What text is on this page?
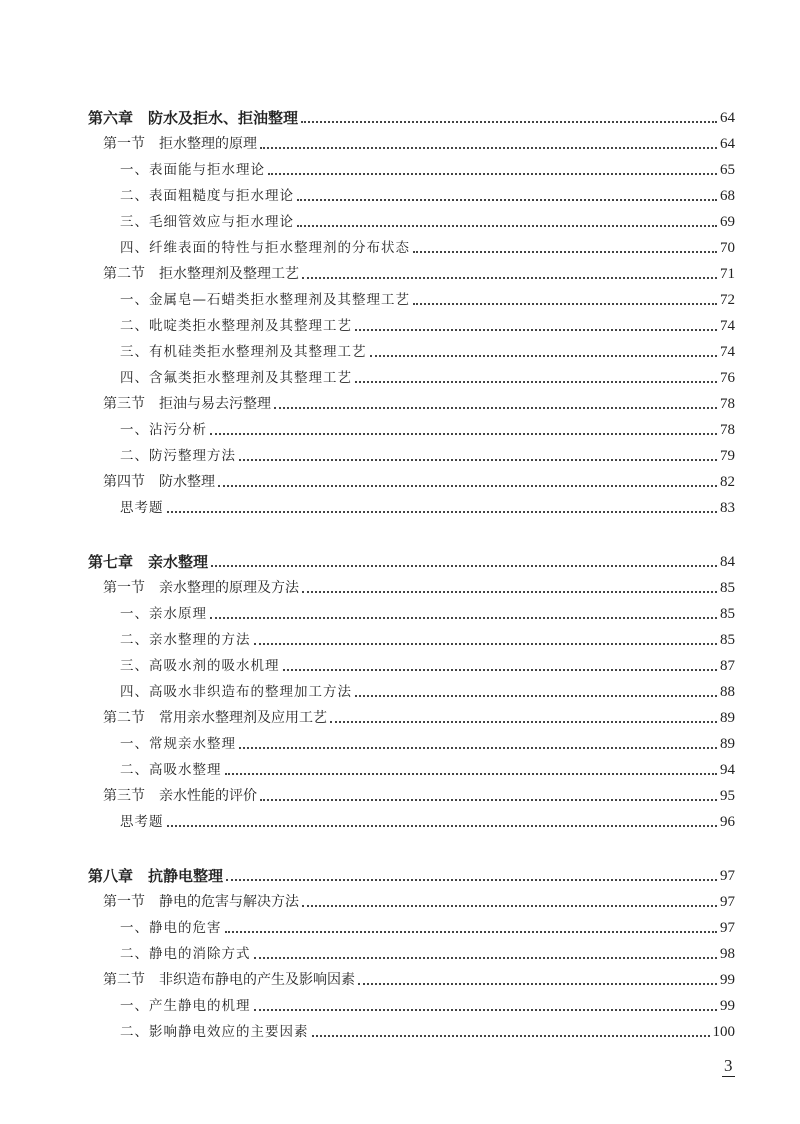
第六章　防水及拒水、拒油整理	64
第一节　拒水整理的原理	64
一、表面能与拒水理论	65
二、表面粗糙度与拒水理论	68
三、毛细管效应与拒水理论	69
四、纤维表面的特性与拒水整理剂的分布状态	70
第二节　拒水整理剂及整理工艺	71
一、金属皂—石蜡类拒水整理剂及其整理工艺	72
二、吡啶类拒水整理剂及其整理工艺	74
三、有机硅类拒水整理剂及其整理工艺	74
四、含氟类拒水整理剂及其整理工艺	76
第三节　拒油与易去污整理	78
一、沾污分析	78
二、防污整理方法	79
第四节　防水整理	82
思考题	83
第七章　亲水整理	84
第一节　亲水整理的原理及方法	85
一、亲水原理	85
二、亲水整理的方法	85
三、高吸水剂的吸水机理	87
四、高吸水非织造布的整理加工方法	88
第二节　常用亲水整理剂及应用工艺	89
一、常规亲水整理	89
二、高吸水整理	94
第三节　亲水性能的评价	95
思考题	96
第八章　抗静电整理	97
第一节　静电的危害与解决方法	97
一、静电的危害	97
二、静电的消除方式	98
第二节　非织造布静电的产生及影响因素	99
一、产生静电的机理	99
二、影响静电效应的主要因素	100
3
